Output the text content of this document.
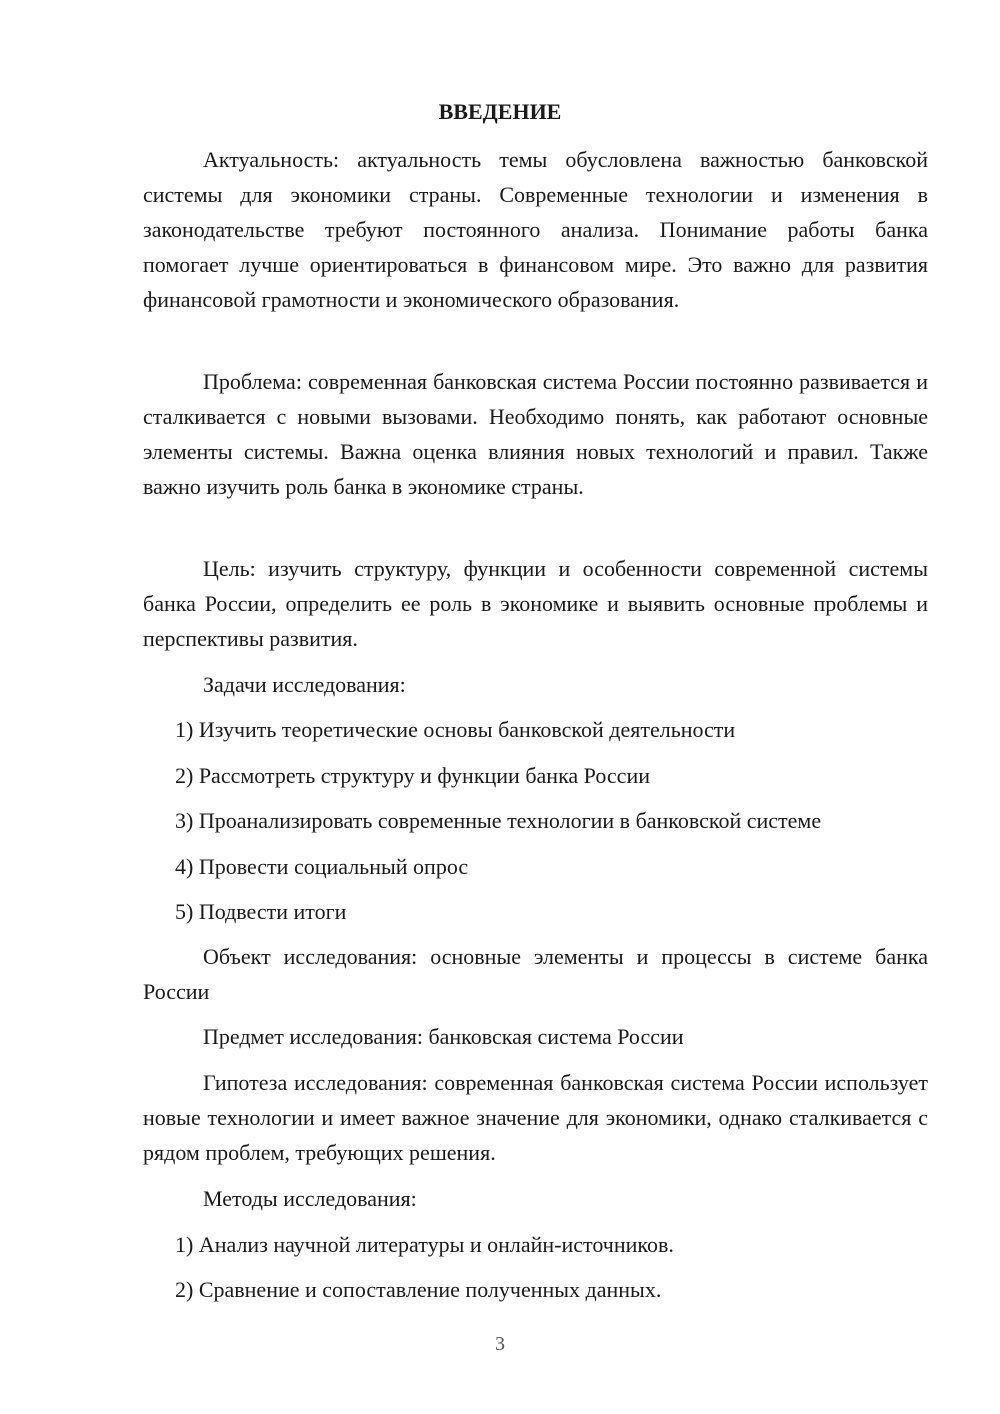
ВВЕДЕНИЕ

Актуальность: актуальность темы обусловлена важностью банковской системы для экономики страны. Современные технологии и изменения в законодательстве требуют постоянного анализа. Понимание работы банка помогает лучше ориентироваться в финансовом мире. Это важно для развития финансовой грамотности и экономического образования.

Проблема: современная банковская система России постоянно развивается и сталкивается с новыми вызовами. Необходимо понять, как работают основные элементы системы. Важна оценка влияния новых технологий и правил. Также важно изучить роль банка в экономике страны.

Цель: изучить структуру, функции и особенности современной системы банка России, определить ее роль в экономике и выявить основные проблемы и перспективы развития.

Задачи исследования:
1) Изучить теоретические основы банковской деятельности
2) Рассмотреть структуру и функции банка России
3) Проанализировать современные технологии в банковской системе
4) Провести социальный опрос
5) Подвести итоги

Объект исследования: основные элементы и процессы в системе банка России

Предмет исследования: банковская система России

Гипотеза исследования: современная банковская система России использует новые технологии и имеет важное значение для экономики, однако сталкивается с рядом проблем, требующих решения.

Методы исследования:
1) Анализ научной литературы и онлайн-источников.
2) Сравнение и сопоставление полученных данных.
3
